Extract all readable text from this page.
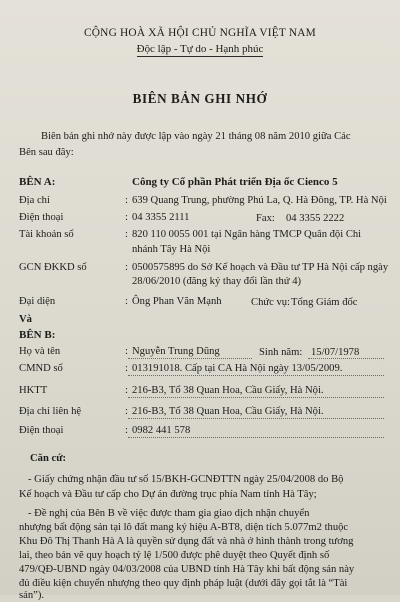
CỘNG HOÀ XÃ HỘI CHỦ NGHĨA VIỆT NAM
Độc lập - Tự do - Hạnh phúc
BIÊN BẢN GHI NHỚ
Biên bản ghi nhớ này được lập vào ngày 21 tháng 08 năm 2010 giữa Các
Bên sau đây:
BÊN A:	Công ty Cổ phần Phát triển Địa ốc Cienco 5
Địa chỉ	: 639 Quang Trung, phường Phú La, Q. Hà Đông, TP. Hà Nội
Điện thoại	: 04 3355 2111	Fax: 04 3355 2222
Tài khoản số	: 820 110 0055 001 tại Ngân hàng TMCP Quân đội Chi
nhánh Tây Hà Nội
GCN ĐKKD số	: 0500575895 do Sở Kế hoạch và Đầu tư TP Hà Nội cấp ngày
28/06/2010 (đăng ký thay đổi lần thứ 4)
Đại diện	: Ông Phan Văn Mạnh	Chức vụ: Tổng Giám đốc
Và
BÊN B:
Họ và tên	: Nguyễn Trung Dũng	Sinh năm: 15/07/1978
CMND số	: 013191018. Cấp tại CA Hà Nội ngày 13/05/2009.
HKTT	: 216-B3, Tổ 38 Quan Hoa, Cầu Giấy, Hà Nội.
Địa chỉ liên hệ	: 216-B3, Tổ 38 Quan Hoa, Cầu Giấy, Hà Nội.
Điện thoại	: 0982 441 578
Căn cứ:
- Giấy chứng nhận đầu tư số 15/BKH-GCNĐTTN ngày 25/04/2008 do Bộ
Kế hoạch và Đầu tư cấp cho Dự án đường trục phía Nam tỉnh Hà Tây;
- Đề nghị của Bên B về việc được tham gia giao dịch nhận chuyển
nhượng bất động sản tại lô đất mang ký hiệu A-BT8, diện tích 5.077m2 thuộc
Khu Đô Thị Thanh Hà A là quyền sử dụng đất và nhà ở hình thành trong tương
lai, theo bản vẽ quy hoạch tỷ lệ 1/500 được phê duyệt theo Quyết định số
479/QĐ-UBND ngày 04/03/2008 của UBND tỉnh Hà Tây khi bất động sản này
đủ điều kiện chuyển nhượng theo quy định pháp luật (dưới đây gọi tắt là “Tài
sản”).
